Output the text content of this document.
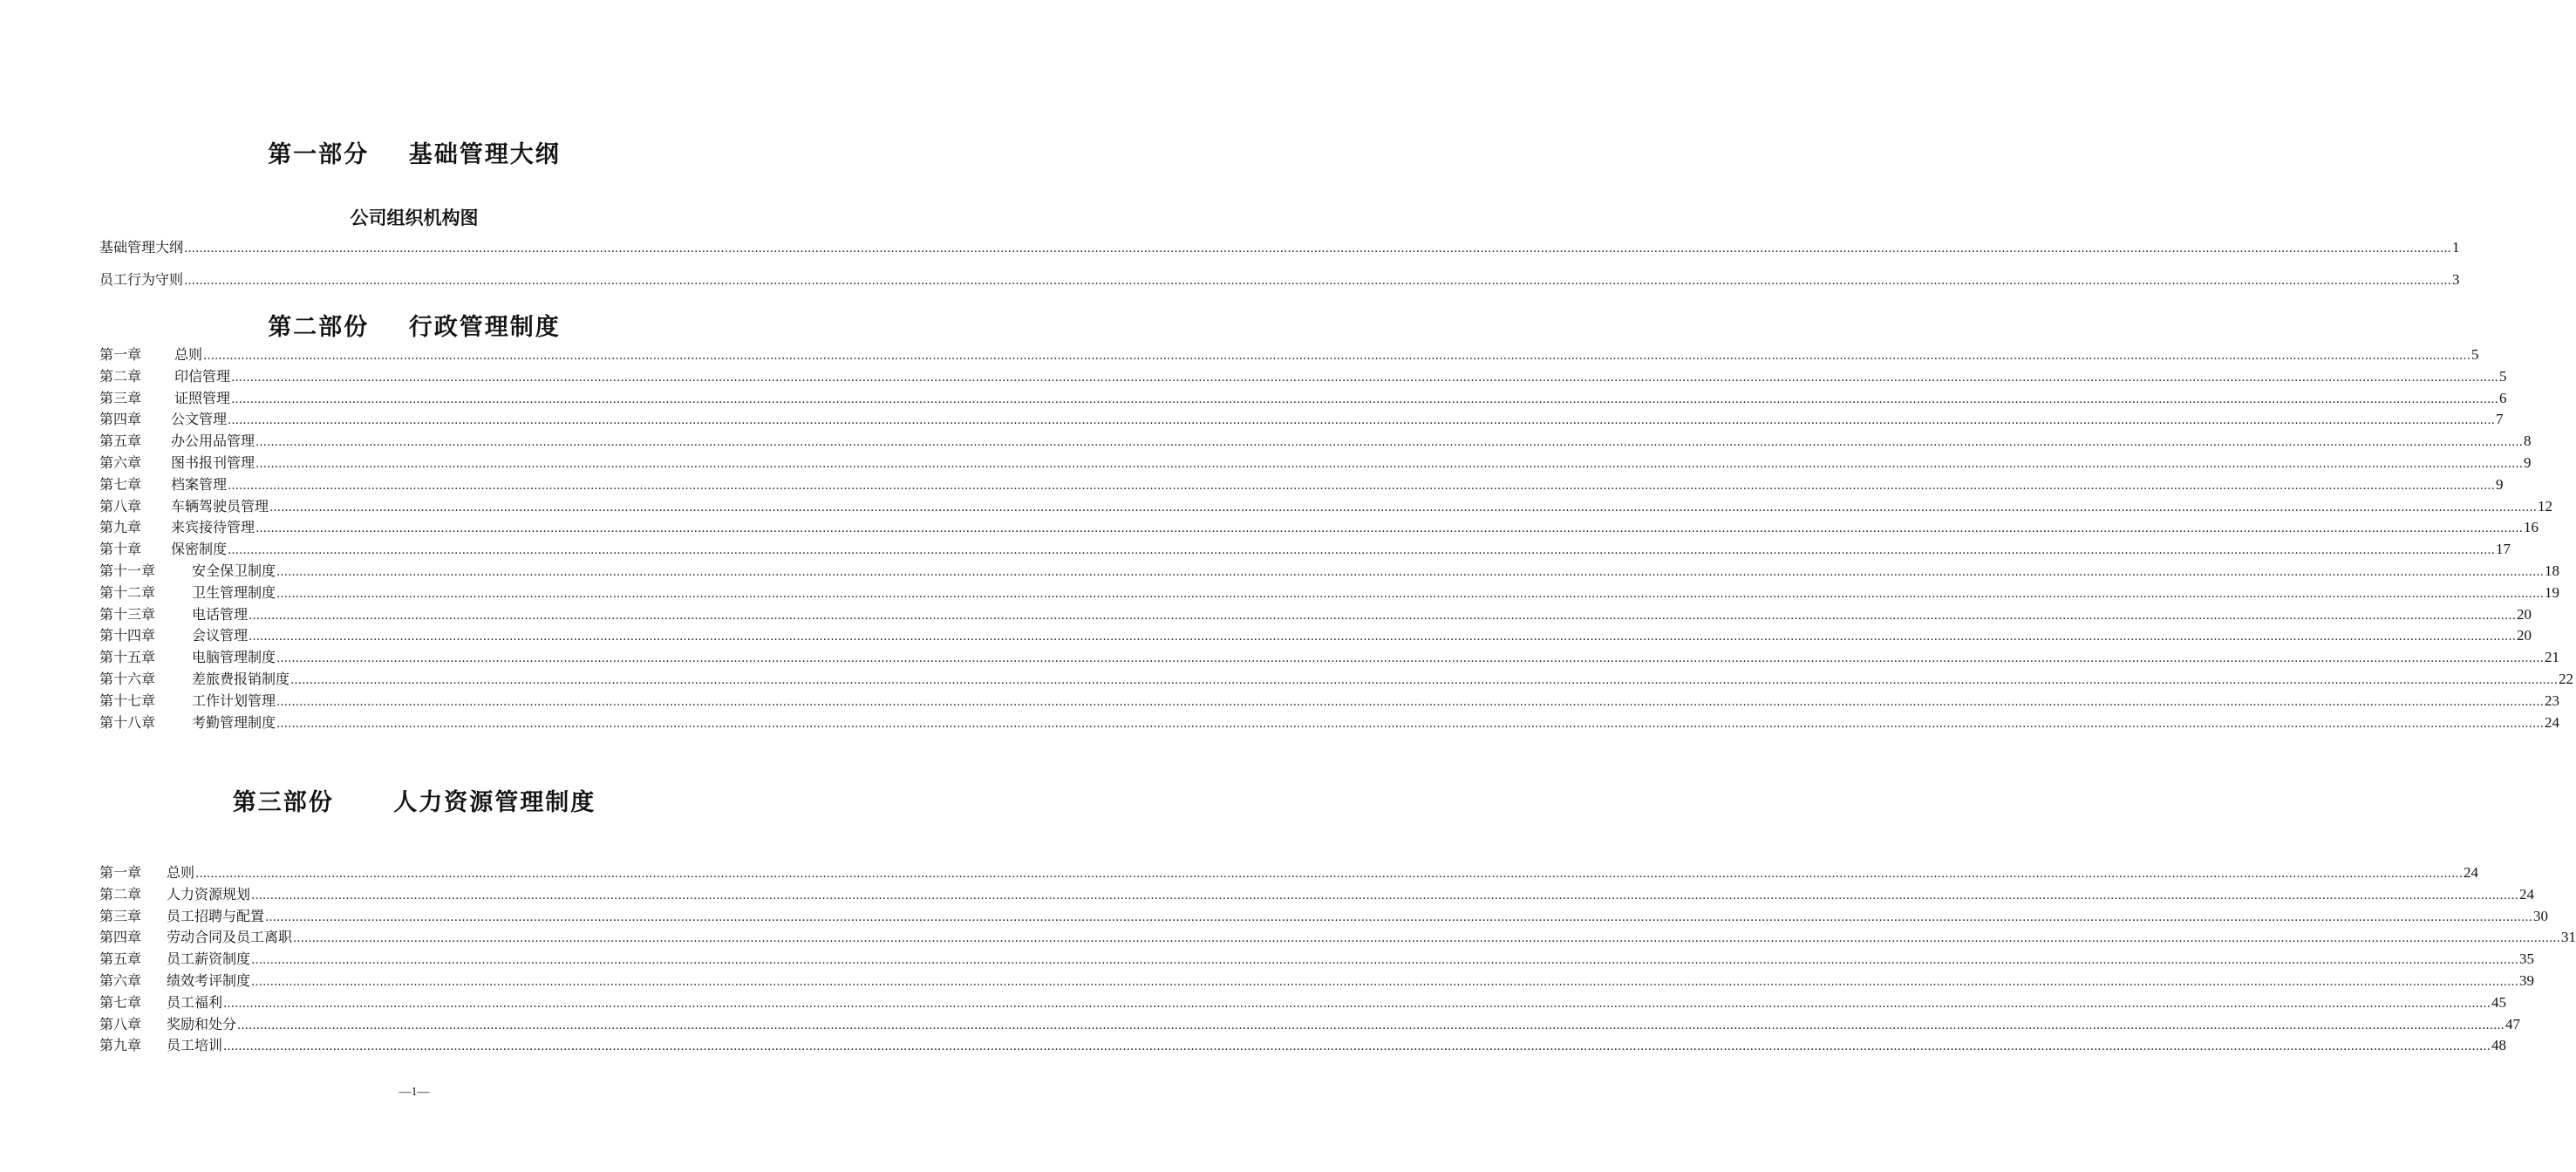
第一部分    基础管理大纲
公司组织机构图
基础管理大纲 …………………………………………………………………………………………………………………………………………………………………………………………………………………………………………………………………………………………………………………………………………………………………………………………………………………………………………………………………………………………………………………………………………………… 1
员工行为守则 …………………………………………………………………………………………………………………………………………………………………………………………………………………………………………………………………………………………………………………………………………………………………………………………………………………………………………………………………………………………………………………………………………………… 3
第二部份    行政管理制度
第一章	总则 …………………………………………………………………………………………………………………………………………………………………………………………………………………………………………………………………………………………………………………………………………………………………………………………………………………………………………………………………………………………………………………………………………………… 5
第二章	印信管理 …………………………………………………………………………………………………………………………………………………………………………………………………………………………………………………………………………………………………………………………………………………………………………………………………………………………………………………………………………………………………………………………………………………… 5
第三章	证照管理 …………………………………………………………………………………………………………………………………………………………………………………………………………………………………………………………………………………………………………………………………………………………………………………………………………………………………………………………………………………………………………………………………………………… 6
第四章	公文管理 …………………………………………………………………………………………………………………………………………………………………………………………………………………………………………………………………………………………………………………………………………………………………………………………………………………………………………………………………………………………………………………………………………………… 7
第五章	办公用品管理 …………………………………………………………………………………………………………………………………………………………………………………………………………………………………………………………………………………………………………………………………………………………………………………………………………………………………………………………………………………………………………………………………………………… 8
第六章	图书报刊管理 …………………………………………………………………………………………………………………………………………………………………………………………………………………………………………………………………………………………………………………………………………………………………………………………………………………………………………………………………………………………………………………………………………………… 9
第七章	档案管理 …………………………………………………………………………………………………………………………………………………………………………………………………………………………………………………………………………………………………………………………………………………………………………………………………………………………………………………………………………………………………………………………………………………… 9
第八章	车辆驾驶员管理 …………………………………………………………………………………………………………………………………………………………………………………………………………………………………………………………………………………………………………………………………………………………………………………………………………………………………………………………………………………………………………………………………………………… 12
第九章	来宾接待管理 …………………………………………………………………………………………………………………………………………………………………………………………………………………………………………………………………………………………………………………………………………………………………………………………………………………………………………………………………………………………………………………………………………………… 16
第十章	保密制度 …………………………………………………………………………………………………………………………………………………………………………………………………………………………………………………………………………………………………………………………………………………………………………………………………………………………………………………………………………………………………………………………………………………… 17
第十一章	安全保卫制度 …………………………………………………………………………………………………………………………………………………………………………………………………………………………………………………………………………………………………………………………………………………………………………………………………………………………………………………………………………………………………………………………………………………… 18
第十二章	卫生管理制度 …………………………………………………………………………………………………………………………………………………………………………………………………………………………………………………………………………………………………………………………………………………………………………………………………………………………………………………………………………………………………………………………………………………… 19
第十三章	电话管理 …………………………………………………………………………………………………………………………………………………………………………………………………………………………………………………………………………………………………………………………………………………………………………………………………………………………………………………………………………………………………………………………………………………… 20
第十四章	会议管理 …………………………………………………………………………………………………………………………………………………………………………………………………………………………………………………………………………………………………………………………………………………………………………………………………………………………………………………………………………………………………………………………………………………… 20
第十五章	电脑管理制度 …………………………………………………………………………………………………………………………………………………………………………………………………………………………………………………………………………………………………………………………………………………………………………………………………………………………………………………………………………………………………………………………………………………… 21
第十六章	差旅费报销制度 …………………………………………………………………………………………………………………………………………………………………………………………………………………………………………………………………………………………………………………………………………………………………………………………………………………………………………………………………………………………………………………………………………………… 22
第十七章	工作计划管理 …………………………………………………………………………………………………………………………………………………………………………………………………………………………………………………………………………………………………………………………………………………………………………………………………………………………………………………………………………………………………………………………………………………… 23
第十八章	考勤管理制度 …………………………………………………………………………………………………………………………………………………………………………………………………………………………………………………………………………………………………………………………………………………………………………………………………………………………………………………………………………………………………………………………………………………… 24
第三部份      人力资源管理制度
第一章	总则 …………………………………………………………………………………………………………………………………………………………………………………………………………………………………………………………………………………………………………………………………………………………………………………………………………………………………………………………………………………………………………………………………………………… 24
第二章	人力资源规划 …………………………………………………………………………………………………………………………………………………………………………………………………………………………………………………………………………………………………………………………………………………………………………………………………………………………………………………………………………………………………………………………………………………… 24
第三章	员工招聘与配置 …………………………………………………………………………………………………………………………………………………………………………………………………………………………………………………………………………………………………………………………………………………………………………………………………………………………………………………………………………………………………………………………………………………… 30
第四章	劳动合同及员工离职 …………………………………………………………………………………………………………………………………………………………………………………………………………………………………………………………………………………………………………………………………………………………………………………………………………………………………………………………………………………………………………………………………………………… 31
第五章	员工薪资制度 …………………………………………………………………………………………………………………………………………………………………………………………………………………………………………………………………………………………………………………………………………………………………………………………………………………………………………………………………………………………………………………………………………………… 35
第六章	绩效考评制度 …………………………………………………………………………………………………………………………………………………………………………………………………………………………………………………………………………………………………………………………………………………………………………………………………………………………………………………………………………………………………………………………………………………… 39
第七章	员工福利 …………………………………………………………………………………………………………………………………………………………………………………………………………………………………………………………………………………………………………………………………………………………………………………………………………………………………………………………………………………………………………………………………………………… 45
第八章	奖励和处分 …………………………………………………………………………………………………………………………………………………………………………………………………………………………………………………………………………………………………………………………………………………………………………………………………………………………………………………………………………………………………………………………………………………… 47
第九章	员工培训 …………………………………………………………………………………………………………………………………………………………………………………………………………………………………………………………………………………………………………………………………………………………………………………………………………………………………………………………………………………………………………………………………………………… 48
—1—
